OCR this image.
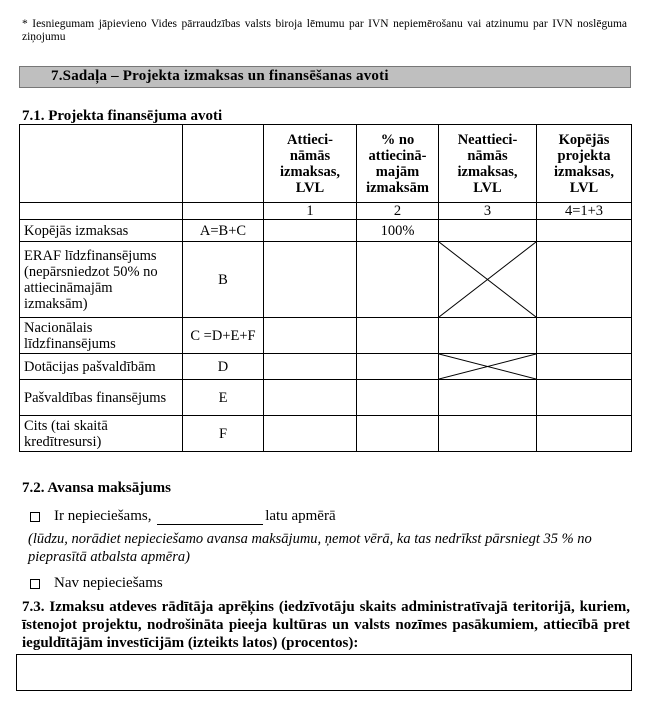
* Iesniegumam jāpievieno Vides pārraudzības valsts biroja lēmumu par IVN nepiemērošanu vai atzinumu par IVN noslēguma ziņojumu
7.Sadaļa – Projekta izmaksas un finansēšanas avoti
7.1. Projekta finansējuma avoti
		Attieci-nāmās izmaksas, LVL	% no attiecinā-majām izmaksām	Neattieci-nāmās izmaksas, LVL	Kopējās projekta izmaksas, LVL
		1	2	3	4=1+3
Kopējās izmaksas	A=B+C		100%		
ERAF līdzfinansējums (nepārsniedzot 50% no attiecināmajām izmaksām)	B			

Nacionālais līdzfinansējums	C =D+E+F				
Dotācijas pašvaldībām	D			

Pašvaldības finansējums	E				
Cits (tai skaitā kredītresursi)	F				
7.2. Avansa maksājums
Ir nepieciešams,	latu apmērā
(lūdzu, norādiet nepieciešamo avansa maksājumu, ņemot vērā, ka tas nedrīkst pārsniegt 35 % no pieprasītā atbalsta apmēra)
Nav nepieciešams
7.3. Izmaksu atdeves rādītāja aprēķins (iedzīvotāju skaits administratīvajā teritorijā, kuriem, īstenojot projektu, nodrošināta pieeja kultūras un valsts nozīmes pasākumiem, attiecībā pret ieguldītājām investīcijām (izteikts latos) (procentos):
